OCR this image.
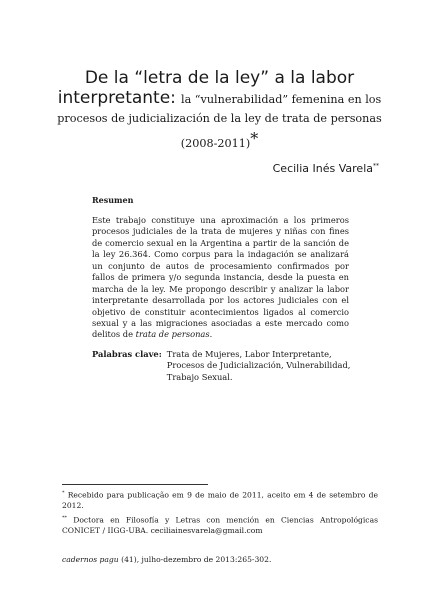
De la “letra de la ley” a la labor
interpretante: la “vulnerabilidad” femenina en los procesos de judicialización de la ley de trata de personas
(2008-2011)*
Cecilia Inés Varela**
Resumen

Este trabajo constituye una aproximación a los primeros procesos judiciales de la trata de mujeres y niñas con fines de comercio sexual en la Argentina a partir de la sanción de la ley 26.364. Como corpus para la indagación se analizará un conjunto de autos de procesamiento confirmados por fallos de primera y/o segunda instancia, desde la puesta en marcha de la ley. Me propongo describir y analizar la labor interpretante desarrollada por los actores judiciales con el objetivo de constituir acontecimientos ligados al comercio sexual y a las migraciones asociadas a este mercado como delitos de trata de personas.

Palabras clave: Trata de Mujeres, Labor Interpretante, Procesos de Judicialización, Vulnerabilidad, Trabajo Sexual.

* Recebido para publicação em 9 de maio de 2011, aceito em 4 de setembro de 2012.

** Doctora en Filosofía y Letras con mención en Ciencias Antropológicas CONICET / IIGG-UBA. ceciliainesvarela@gmail.com

cadernos pagu (41), julho-dezembro de 2013:265-302.
